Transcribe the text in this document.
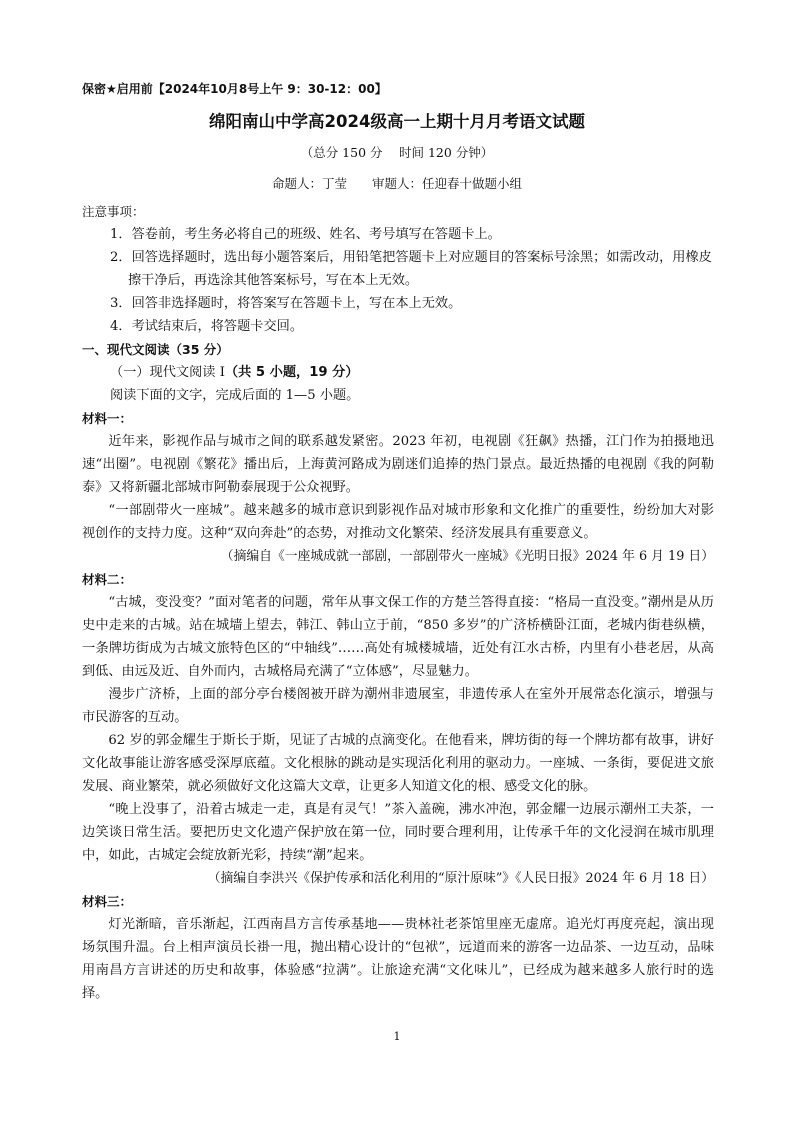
保密★启用前【2024年10月8号上午 9：30-12：00】
绵阳南山中学高2024级高一上期十月月考语文试题
（总分 150 分　 时间 120 分钟）
命题人：丁莹　　审题人：任迎春十做题小组
注意事项：
1．答卷前，考生务必将自己的班级、姓名、考号填写在答题卡上。
2．回答选择题时，选出每小题答案后，用铅笔把答题卡上对应题目的答案标号涂黑；如需改动，用橡皮
擦干净后，再选涂其他答案标号，写在本上无效。
3．回答非选择题时，将答案写在答题卡上，写在本上无效。
4．考试结束后，将答题卡交回。
一、现代文阅读（35 分）
（一）现代文阅读 I（共 5 小题，19 分）
阅读下面的文字，完成后面的 1—5 小题。
材料一：

近年来，影视作品与城市之间的联系越发紧密。2023 年初，电视剧《狂飙》热播，江门作为拍摄地迅速“出圈”。电视剧《繁花》播出后，上海黄河路成为剧迷们追捧的热门景点。最近热播的电视剧《我的阿勒泰》又将新疆北部城市阿勒泰展现于公众视野。

“一部剧带火一座城”。越来越多的城市意识到影视作品对城市形象和文化推广的重要性，纷纷加大对影视创作的支持力度。这种“双向奔赴”的态势，对推动文化繁荣、经济发展具有重要意义。

（摘编自《一座城成就一部剧，一部剧带火一座城》《光明日报》2024 年 6 月 19 日）
材料二：

“古城，变没变？”面对笔者的问题，常年从事文保工作的方楚兰答得直接：“格局一直没变。”潮州是从历史中走来的古城。站在城墙上望去，韩江、韩山立于前，“850 多岁”的广济桥横卧江面，老城内街巷纵横，一条牌坊街成为古城文旅特色区的“中轴线”……高处有城楼城墙，近处有江水古桥，内里有小巷老居，从高到低、由远及近、自外而内，古城格局充满了“立体感”，尽显魅力。

漫步广济桥，上面的部分亭台楼阁被开辟为潮州非遗展室，非遗传承人在室外开展常态化演示，增强与市民游客的互动。

62 岁的郭金耀生于斯长于斯，见证了古城的点滴变化。在他看来，牌坊街的每一个牌坊都有故事，讲好文化故事能让游客感受深厚底蕴。文化根脉的跳动是实现活化利用的驱动力。一座城、一条街，要促进文旅发展、商业繁荣，就必须做好文化这篇大文章，让更多人知道文化的根、感受文化的脉。

“晚上没事了，沿着古城走一走，真是有灵气！”茶入盖碗，沸水冲泡，郭金耀一边展示潮州工夫茶，一边笑谈日常生活。要把历史文化遗产保护放在第一位，同时要合理利用，让传承千年的文化浸润在城市肌理中，如此，古城定会绽放新光彩，持续“潮”起来。

（摘编自李洪兴《保护传承和活化利用的“原汁原味”》《人民日报》2024 年 6 月 18 日）
材料三：

灯光渐暗，音乐渐起，江西南昌方言传承基地——贵林社老茶馆里座无虚席。追光灯再度亮起，演出现场氛围升温。台上相声演员长褂一甩，抛出精心设计的“包袱”，远道而来的游客一边品茶、一边互动，品味用南昌方言讲述的历史和故事，体验感“拉满”。让旅途充满“文化味儿”，已经成为越来越多人旅行时的选择。

1
